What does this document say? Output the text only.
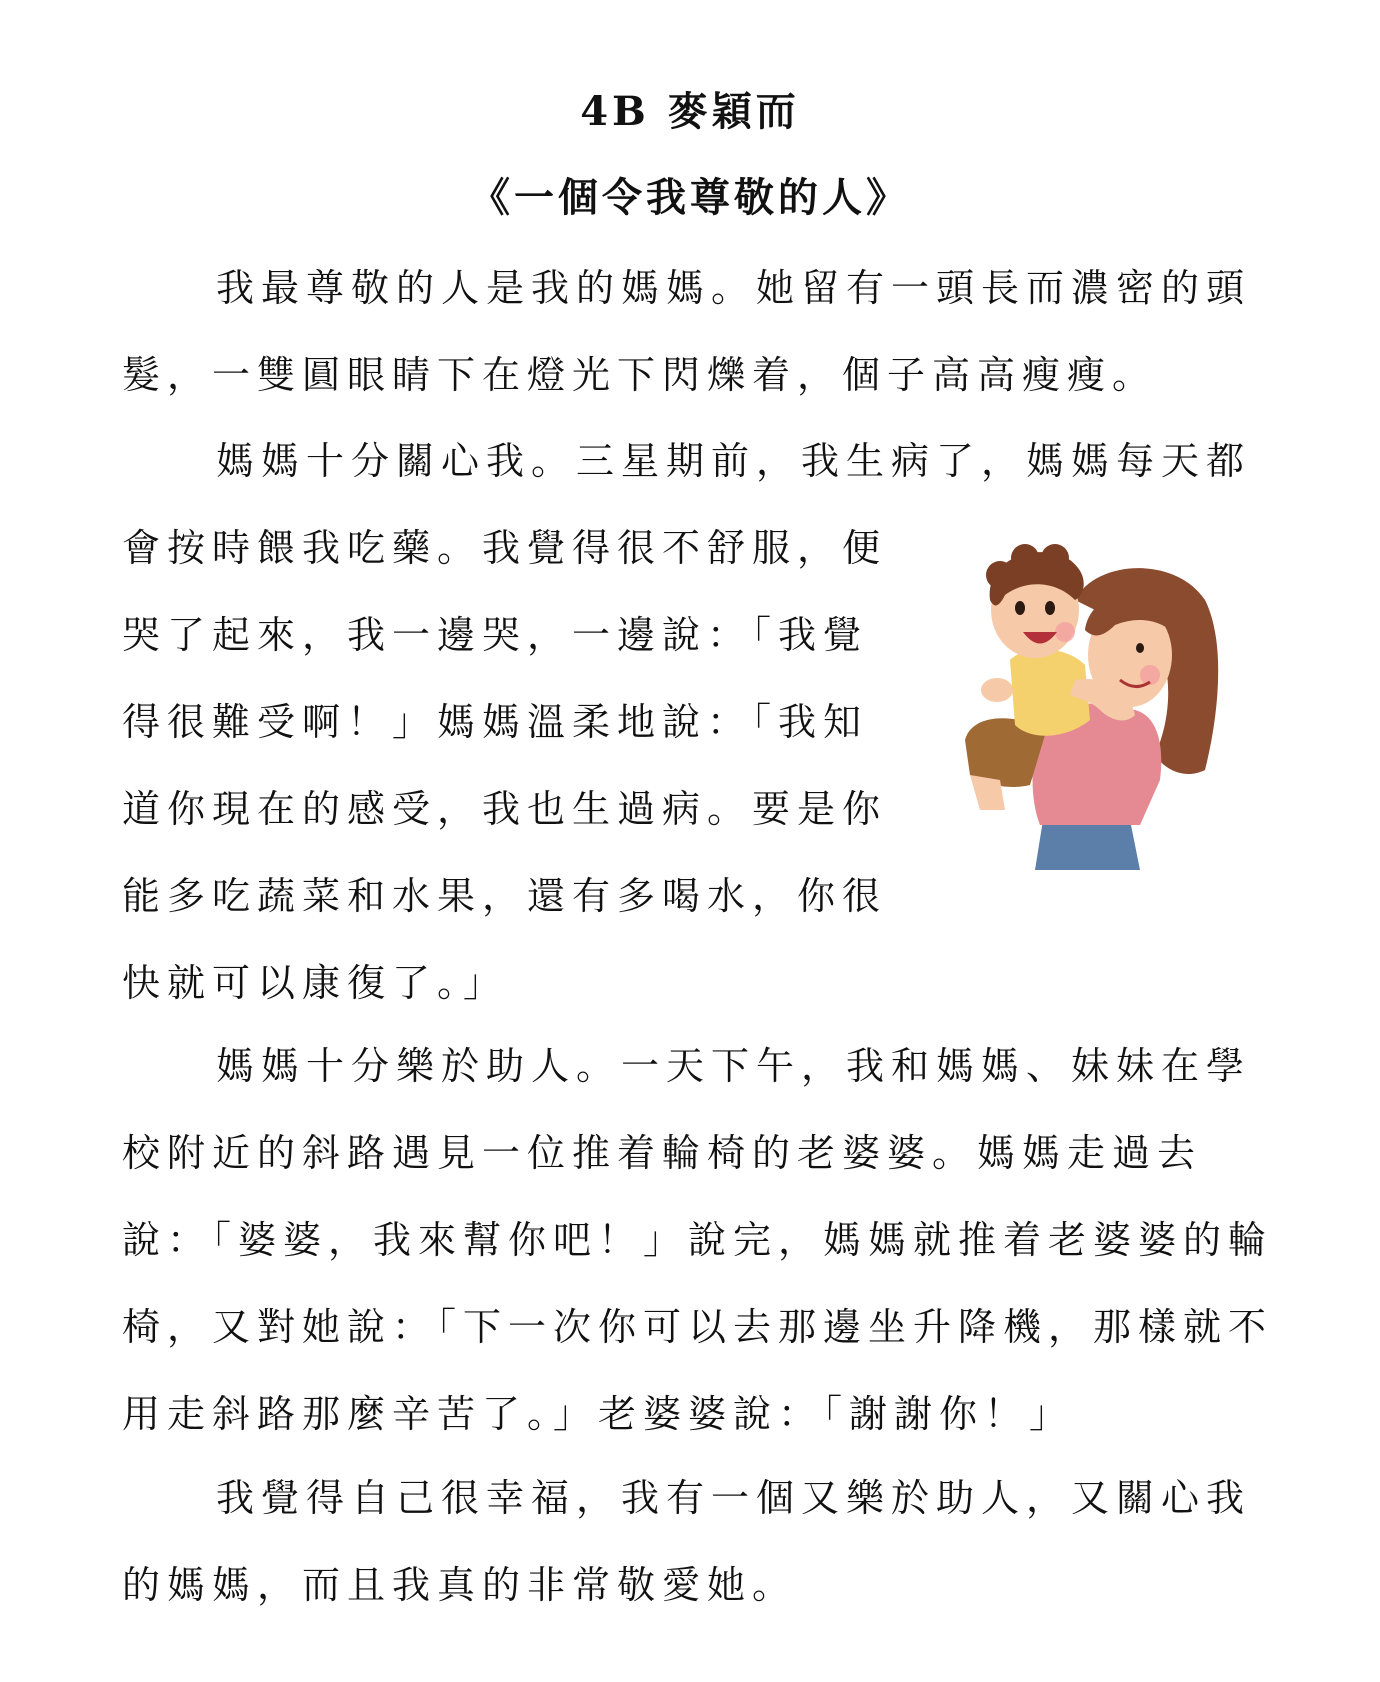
4B 麥穎而
《一個令我尊敬的人》
我最尊敬的人是我的媽媽。她留有一頭長而濃密的頭
髮，一雙圓眼睛下在燈光下閃爍着，個子高高瘦瘦。
媽媽十分關心我。三星期前，我生病了，媽媽每天都
會按時餵我吃藥。我覺得很不舒服，便
哭了起來，我一邊哭，一邊說：「我覺
得很難受啊！」媽媽溫柔地說：「我知
道你現在的感受，我也生過病。要是你
能多吃蔬菜和水果，還有多喝水，你很
快就可以康復了。」
媽媽十分樂於助人。一天下午，我和媽媽、妹妹在學
校附近的斜路遇見一位推着輪椅的老婆婆。媽媽走過去
說：「婆婆，我來幫你吧！」說完，媽媽就推着老婆婆的輪
椅，又對她說：「下一次你可以去那邊坐升降機，那樣就不
用走斜路那麼辛苦了。」老婆婆說：「謝謝你！」
我覺得自己很幸福，我有一個又樂於助人，又關心我
的媽媽，而且我真的非常敬愛她。
